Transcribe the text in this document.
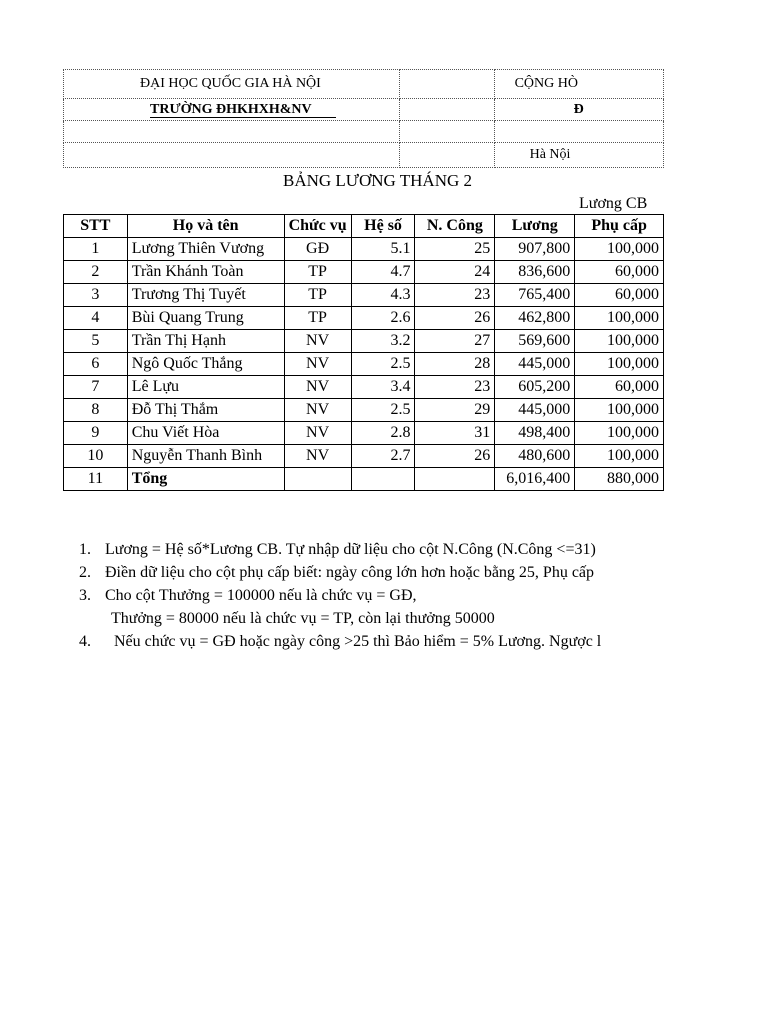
ĐẠI HỌC QUỐC GIA HÀ NỘI		CỘNG HÒ
TRƯỜNG ĐHKHXH&NV		Đ

		Hà Nội
BẢNG LƯƠNG THÁNG 2
Lương CB
STT	Họ và tên	Chức vụ	Hệ số	N. Công	Lương	Phụ cấp
1	Lương Thiên Vương	GĐ	5.1	25	907,800	100,000
2	Trần Khánh Toàn	TP	4.7	24	836,600	60,000
3	Trương Thị Tuyết	TP	4.3	23	765,400	60,000
4	Bùi Quang Trung	TP	2.6	26	462,800	100,000
5	Trần Thị Hạnh	NV	3.2	27	569,600	100,000
6	Ngô Quốc Thắng	NV	2.5	28	445,000	100,000
7	Lê Lựu	NV	3.4	23	605,200	60,000
8	Đỗ Thị Thắm	NV	2.5	29	445,000	100,000
9	Chu Viết Hòa	NV	2.8	31	498,400	100,000
10	Nguyễn Thanh Bình	NV	2.7	26	480,600	100,000
11	Tổng				6,016,400	880,000
1. Lương = Hệ số*Lương CB. Tự nhập dữ liệu cho cột N.Công (N.Công <=31)
2. Điền dữ liệu cho cột phụ cấp biết: ngày công lớn hơn hoặc bằng 25, Phụ cấp
3. Cho cột Thưởng = 100000 nếu là chức vụ = GĐ,
Thưởng = 80000 nếu là chức vụ = TP, còn lại thưởng 50000
4. Nếu chức vụ = GĐ hoặc ngày công >25 thì Bảo hiểm = 5% Lương. Ngược l
